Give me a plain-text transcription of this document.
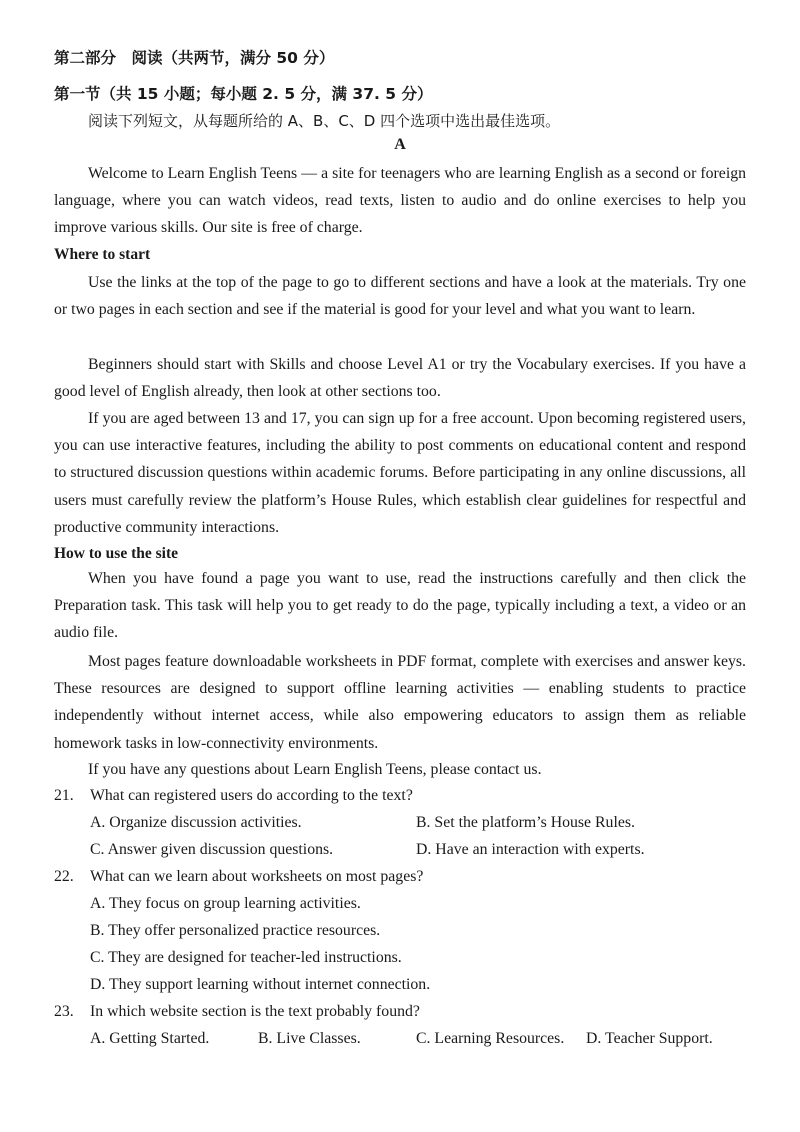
第二部分　阅读（共两节，满分 50 分）
第一节（共 15 小题；每小题 2. 5 分，满 37. 5 分）
阅读下列短文，从每题所给的 A、B、C、D 四个选项中选出最佳选项。
A

Welcome to Learn English Teens — a site for teenagers who are learning English as a second or foreign language, where you can watch videos, read texts, listen to audio and do online exercises to help you improve various skills. Our site is free of charge.

Where to start

Use the links at the top of the page to go to different sections and have a look at the materials. Try one or two pages in each section and see if the material is good for your level and what you want to learn.

Beginners should start with Skills and choose Level A1 or try the Vocabulary exercises. If you have a good level of English already, then look at other sections too.

If you are aged between 13 and 17, you can sign up for a free account. Upon becoming registered users, you can use interactive features, including the ability to post comments on educational content and respond to structured discussion questions within academic forums. Before participating in any online discussions, all users must carefully review the platform’s House Rules, which establish clear guidelines for respectful and productive community interactions.

How to use the site

When you have found a page you want to use, read the instructions carefully and then click the Preparation task. This task will help you to get ready to do the page, typically including a text, a video or an audio file.

Most pages feature downloadable worksheets in PDF format, complete with exercises and answer keys. These resources are designed to support offline learning activities — enabling students to practice independently without internet access, while also empowering educators to assign them as reliable homework tasks in low-connectivity environments.

If you have any questions about Learn English Teens, please contact us.

21. What can registered users do according to the text?
A. Organize discussion activities.	B. Set the platform’s House Rules.
C. Answer given discussion questions.	D. Have an interaction with experts.
22. What can we learn about worksheets on most pages?
A. They focus on group learning activities.
B. They offer personalized practice resources.
C. They are designed for teacher-led instructions.
D. They support learning without internet connection.
23. In which website section is the text probably found?
A. Getting Started.	B. Live Classes.	C. Learning Resources. D. Teacher Support.
